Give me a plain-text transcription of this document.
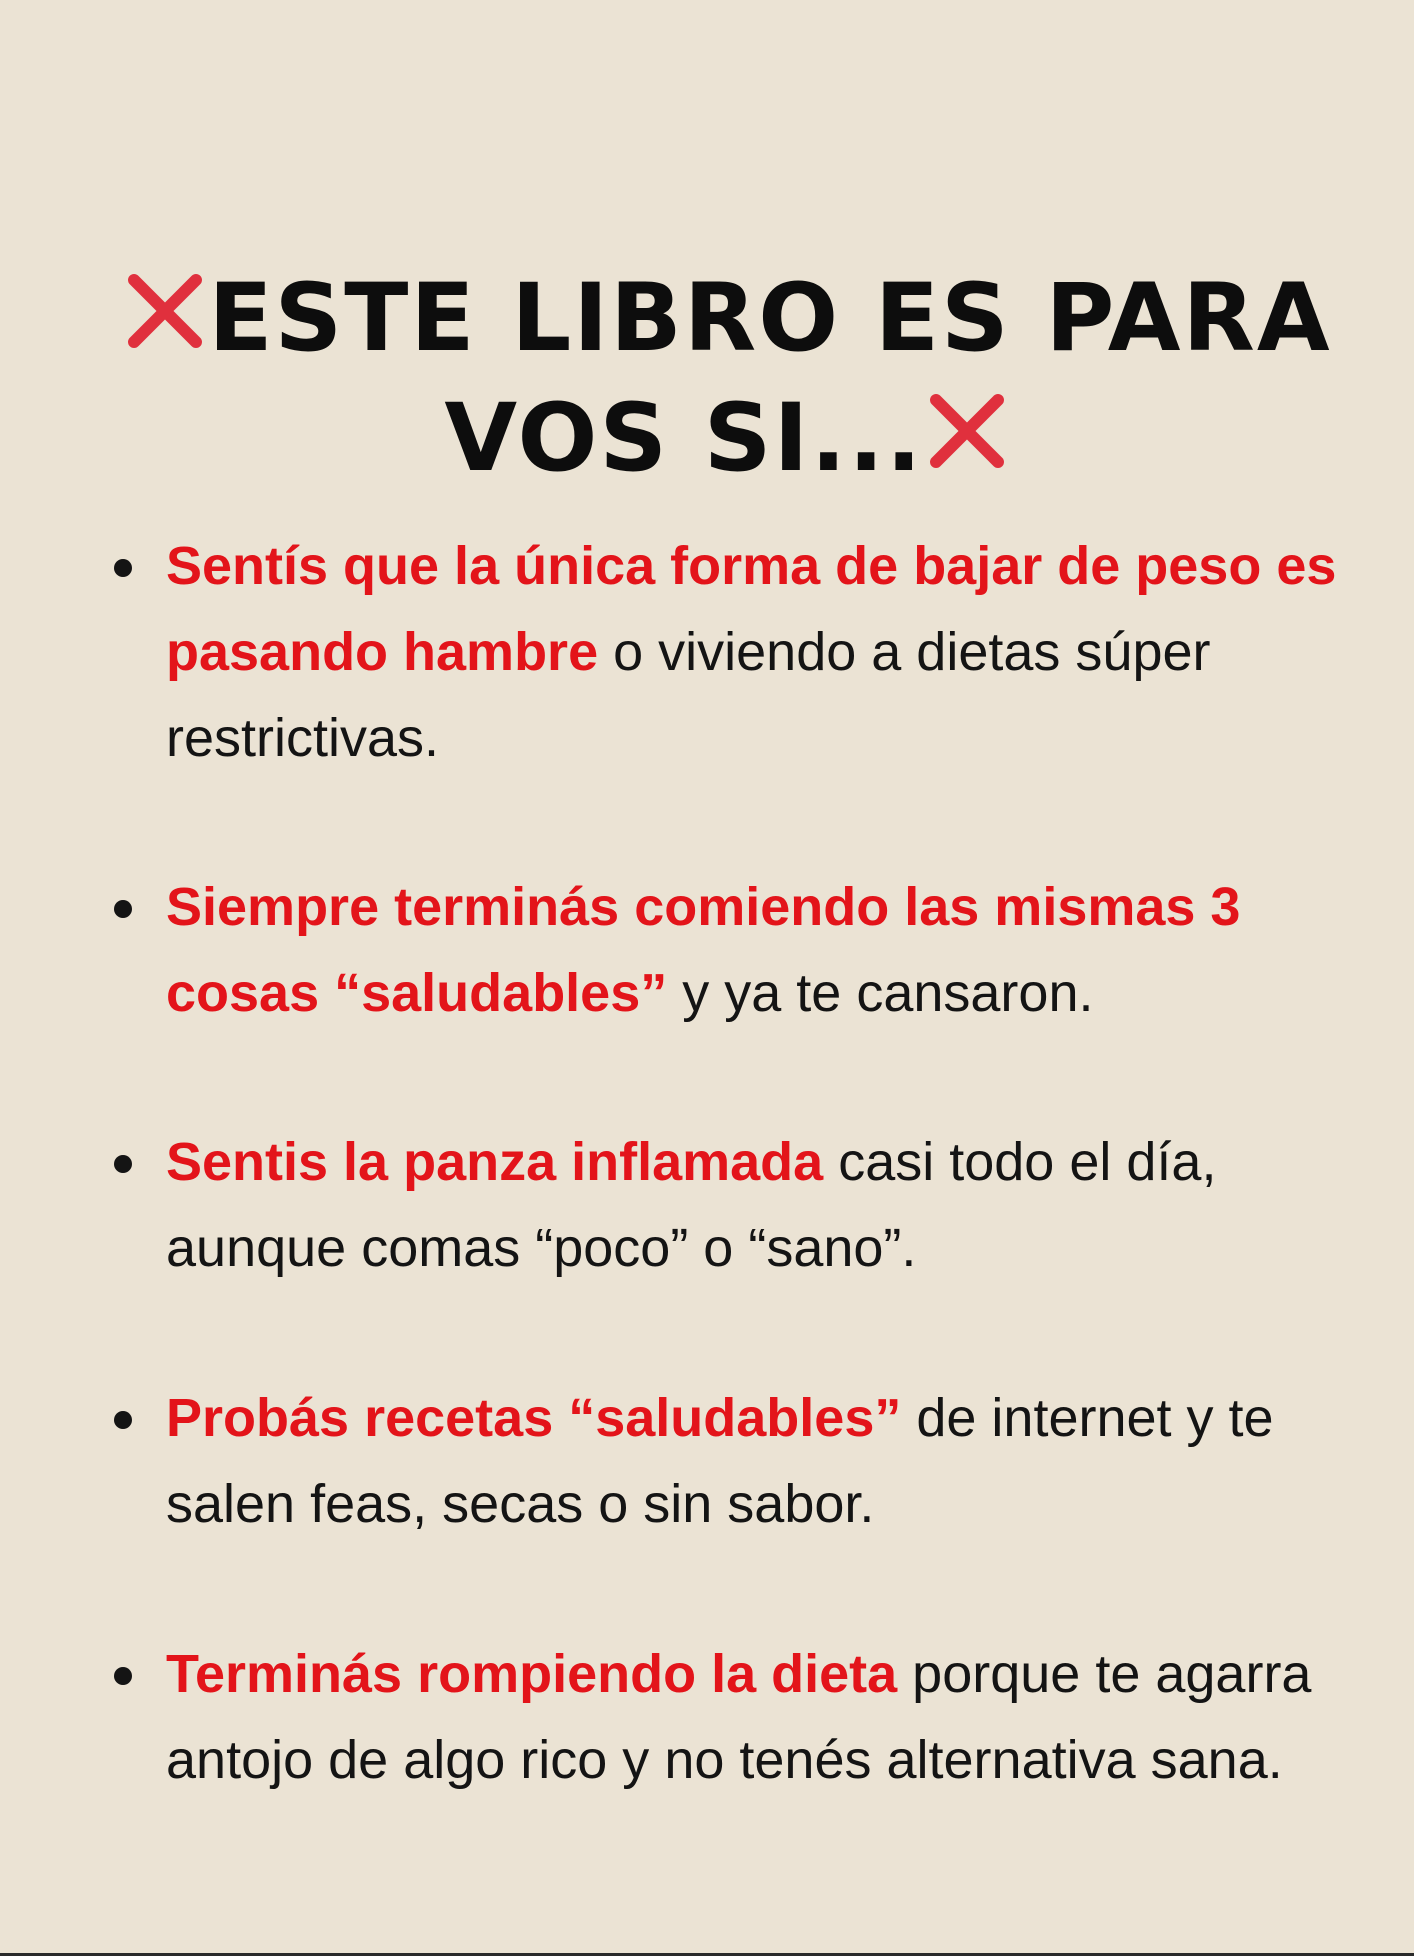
ESTE LIBRO ES PARA
VOS SI...
Sentís que la única forma de bajar de peso es pasando hambre o viviendo a dietas súper restrictivas.
Siempre terminás comiendo las mismas 3 cosas “saludables” y ya te cansaron.
Sentis la panza inflamada casi todo el día, aunque comas “poco” o “sano”.
Probás recetas “saludables” de internet y te salen feas, secas o sin sabor.
Terminás rompiendo la dieta porque te agarra antojo de algo rico y no tenés alternativa sana.
